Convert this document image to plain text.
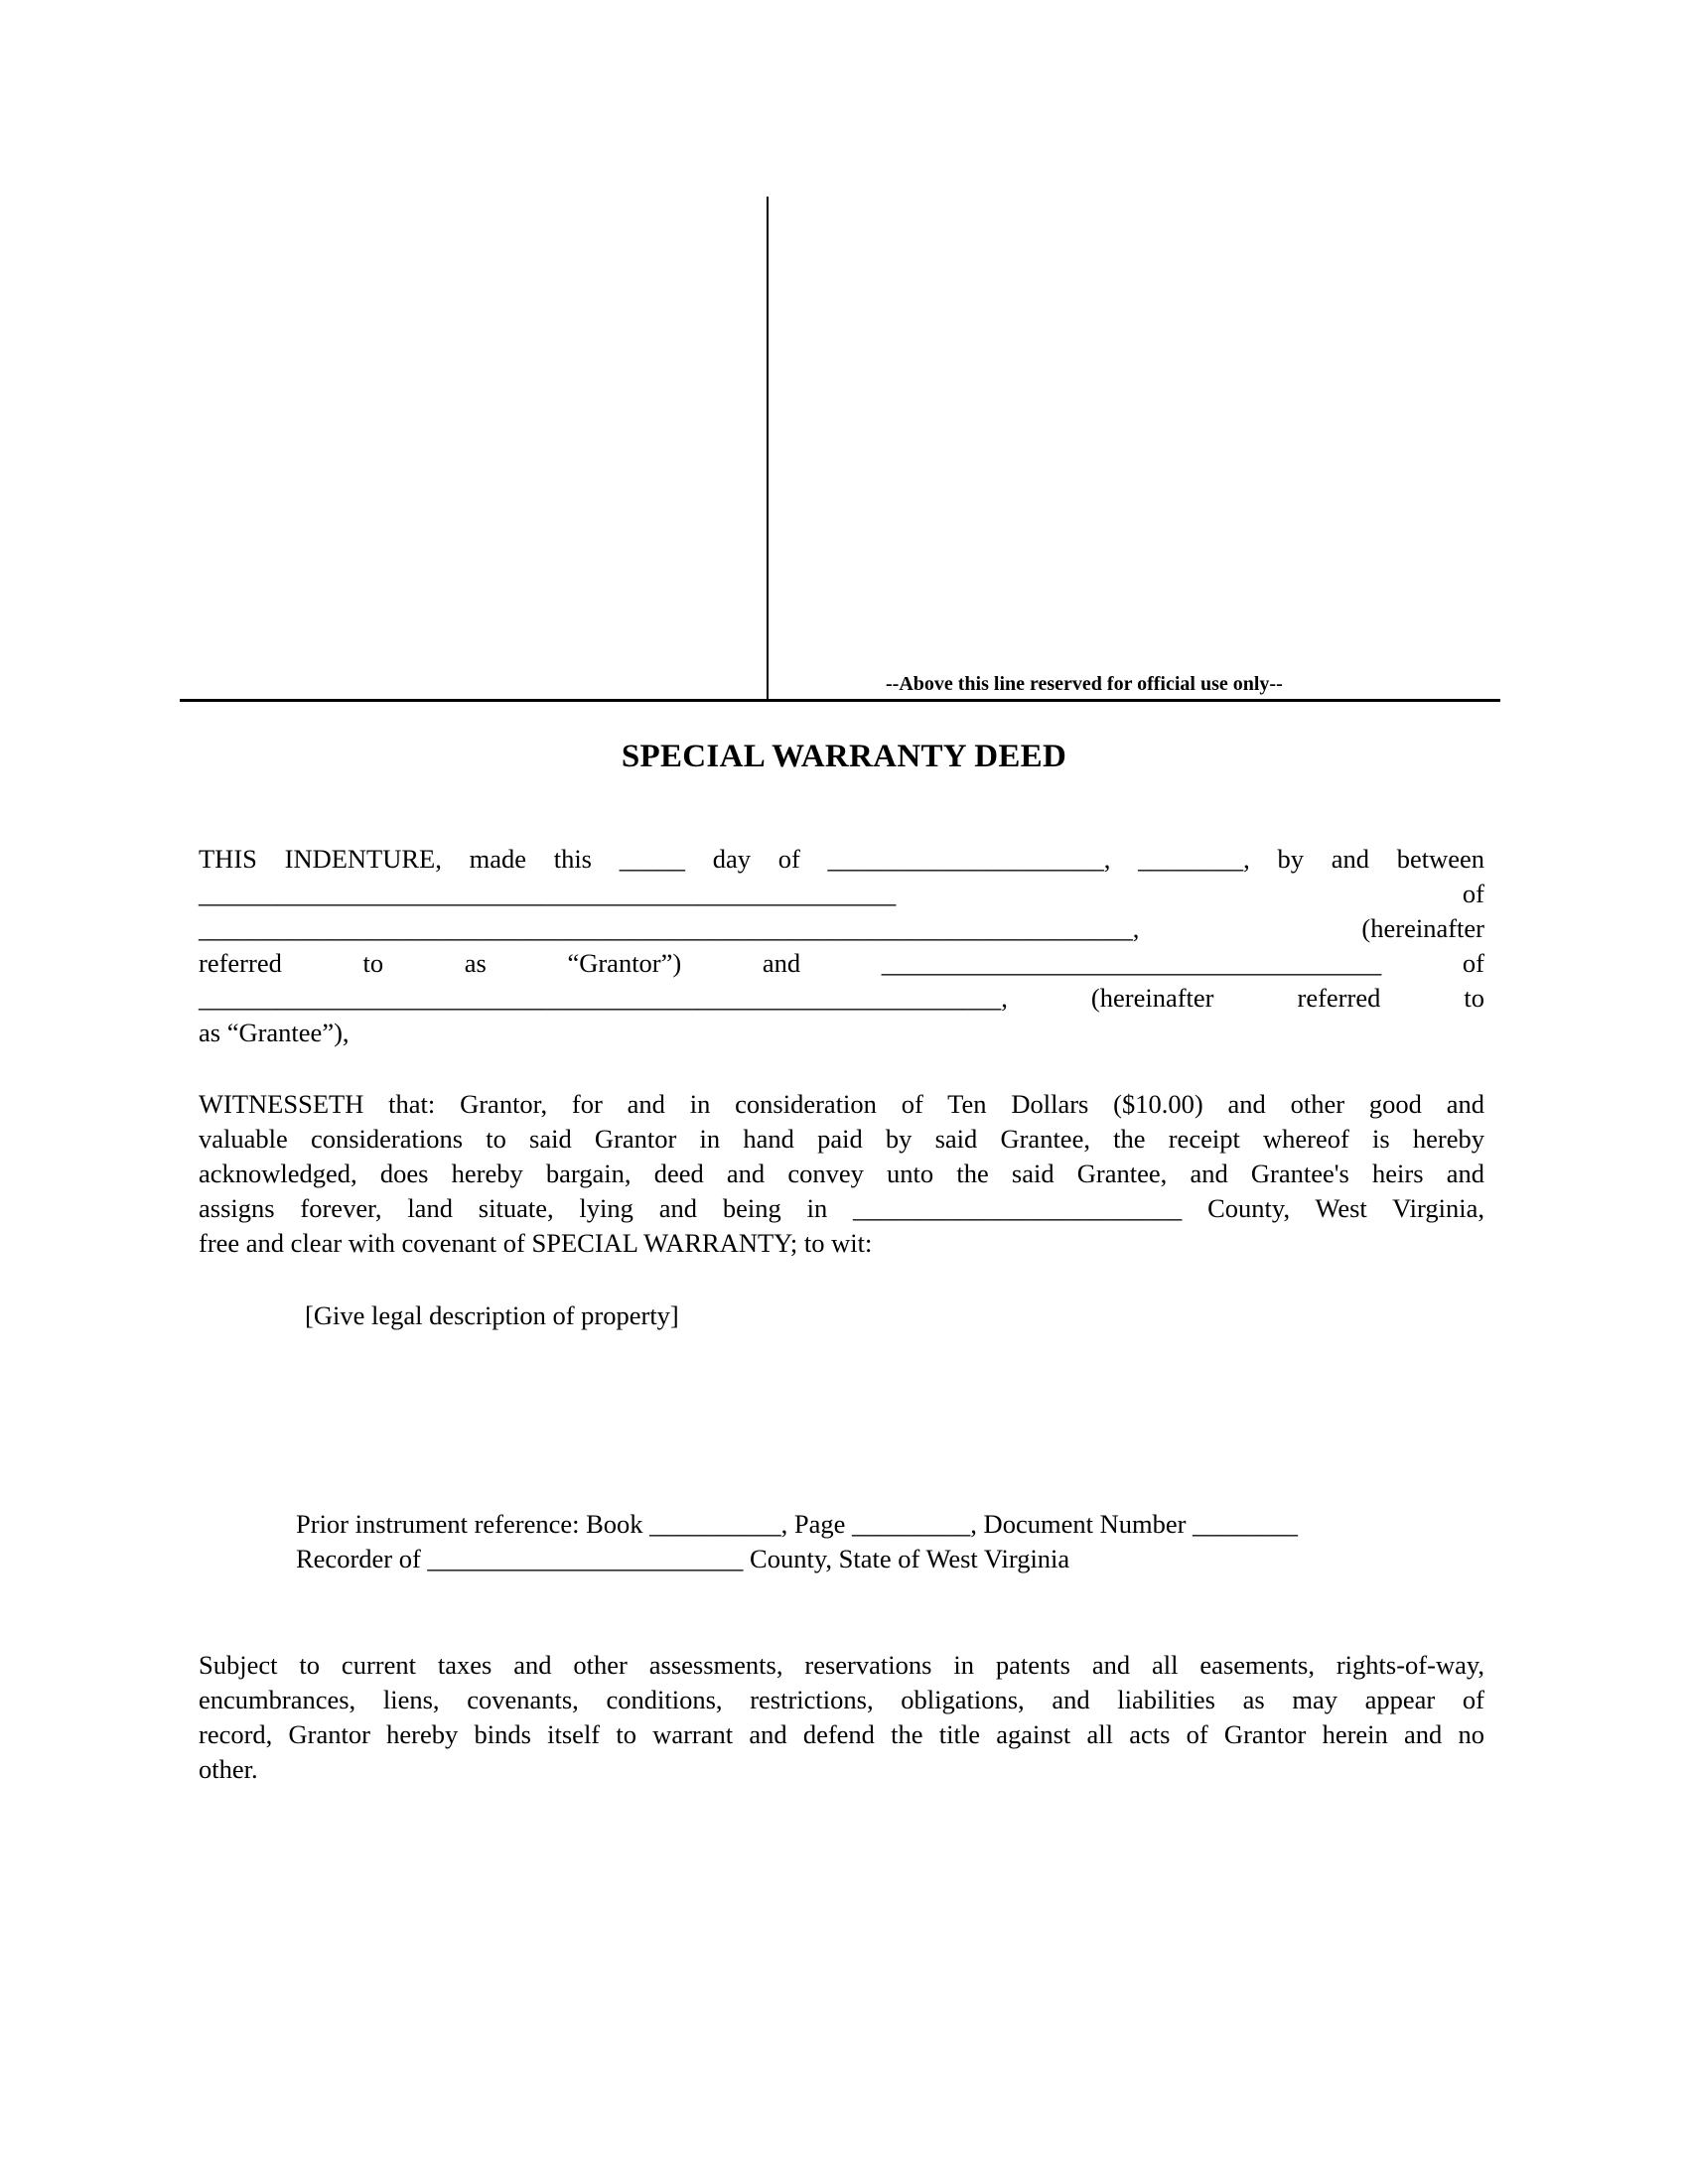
--Above this line reserved for official use only--
SPECIAL WARRANTY DEED
THIS INDENTURE, made this _____ day of _____________________, ________, by and between
_____________________________________________________ of
_______________________________________________________________________, (hereinafter
referred to as “Grantor”) and ______________________________________ of
_____________________________________________________________, (hereinafter referred to
as “Grantee”),
WITNESSETH that: Grantor, for and in consideration of Ten Dollars ($10.00) and other good and
valuable considerations to said Grantor in hand paid by said Grantee, the receipt whereof is hereby
acknowledged, does hereby bargain, deed and convey unto the said Grantee, and Grantee's heirs and
assigns forever, land situate, lying and being in _________________________ County, West Virginia,
free and clear with covenant of SPECIAL WARRANTY; to wit:
[Give legal description of property]
Prior instrument reference: Book __________, Page _________, Document Number ________
Recorder of ________________________ County, State of West Virginia
Subject to current taxes and other assessments, reservations in patents and all easements, rights-of-way,
encumbrances, liens, covenants, conditions, restrictions, obligations, and liabilities as may appear of
record, Grantor hereby binds itself to warrant and defend the title against all acts of Grantor herein and no
other.
